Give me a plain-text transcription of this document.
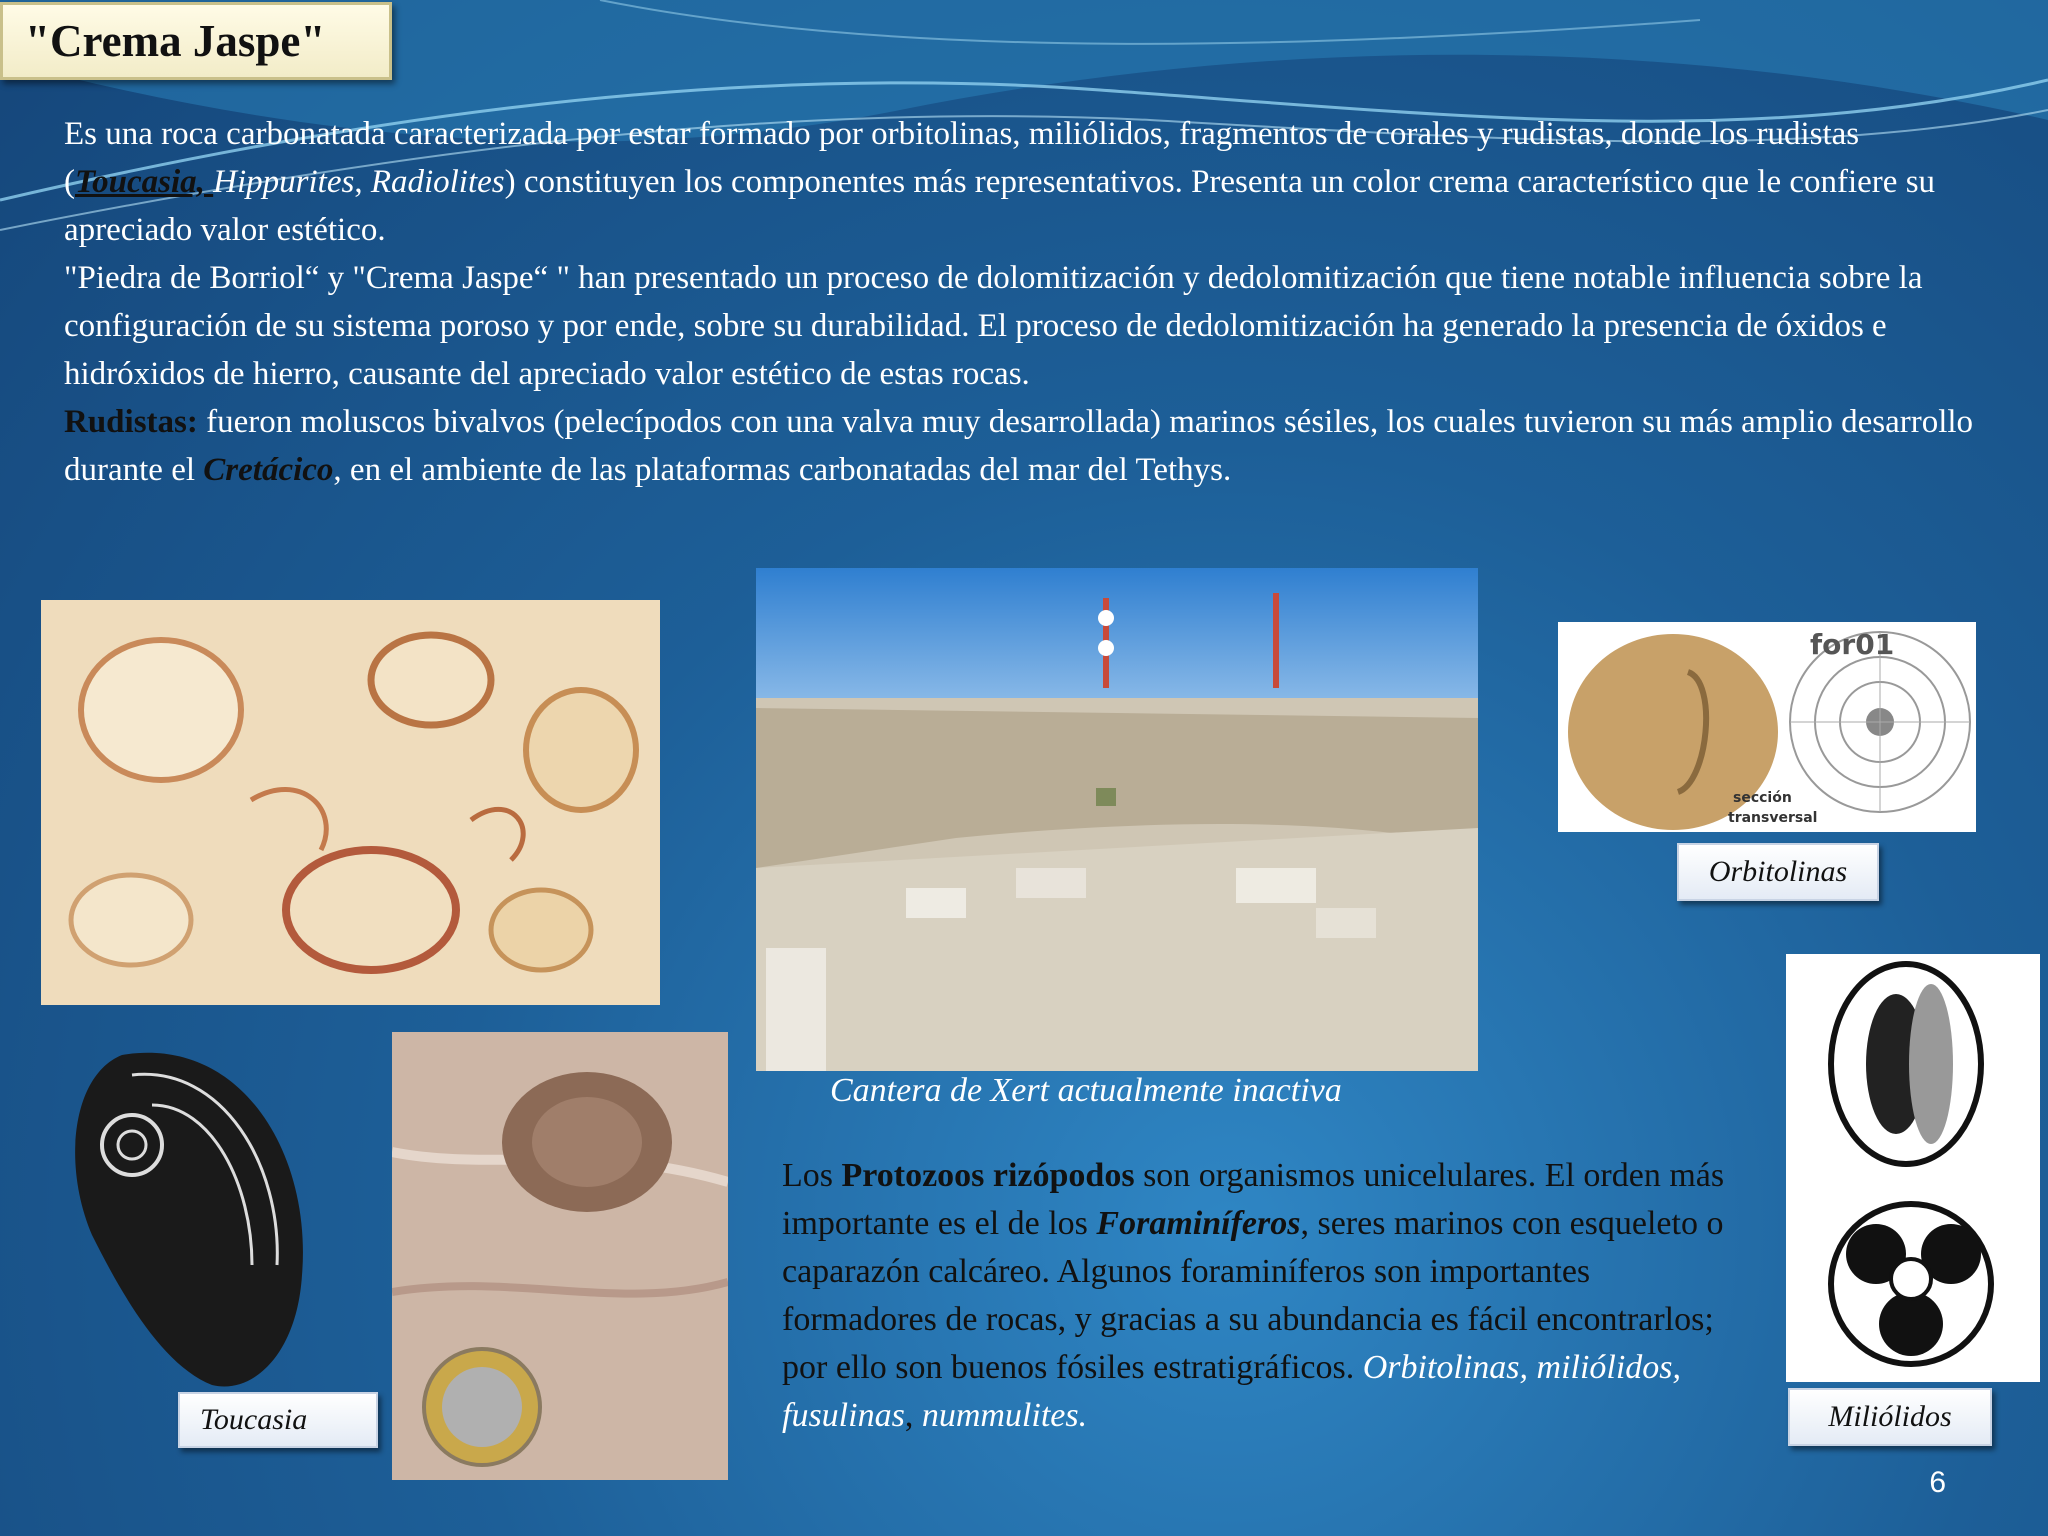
"Crema Jaspe"

Es una roca carbonatada caracterizada por estar formado por orbitolinas, miliólidos, fragmentos de corales y rudistas, donde los rudistas (Toucasia, Hippurites, Radiolites) constituyen los componentes más representativos. Presenta un color crema característico que le confiere su apreciado valor estético.

"Piedra de Borriol“ y "Crema Jaspe“ " han presentado un proceso de dolomitización y dedolomitización que tiene notable influencia sobre la configuración de su sistema poroso y por ende, sobre su durabilidad. El proceso de dedolomitización ha generado la presencia de óxidos e hidróxidos de hierro, causante del apreciado valor estético de estas rocas.

Rudistas: fueron moluscos bivalvos (pelecípodos con una valva muy desarrollada) marinos sésiles, los cuales tuvieron su más amplio desarrollo durante el Cretácico, en el ambiente de las plataformas carbonatadas del mar del Tethys.

Cantera de Xert actualmente inactiva
for01
sección
transversal
Orbitolinas
Toucasia	Miliólidos
Los Protozoos rizópodos son organismos unicelulares. El orden más importante es el de los Foraminíferos, seres marinos con esqueleto o caparazón calcáreo. Algunos foraminíferos son importantes formadores de rocas, y gracias a su abundancia es fácil encontrarlos; por ello son buenos fósiles estratigráficos. Orbitolinas, miliólidos, fusulinas, nummulites.
6
